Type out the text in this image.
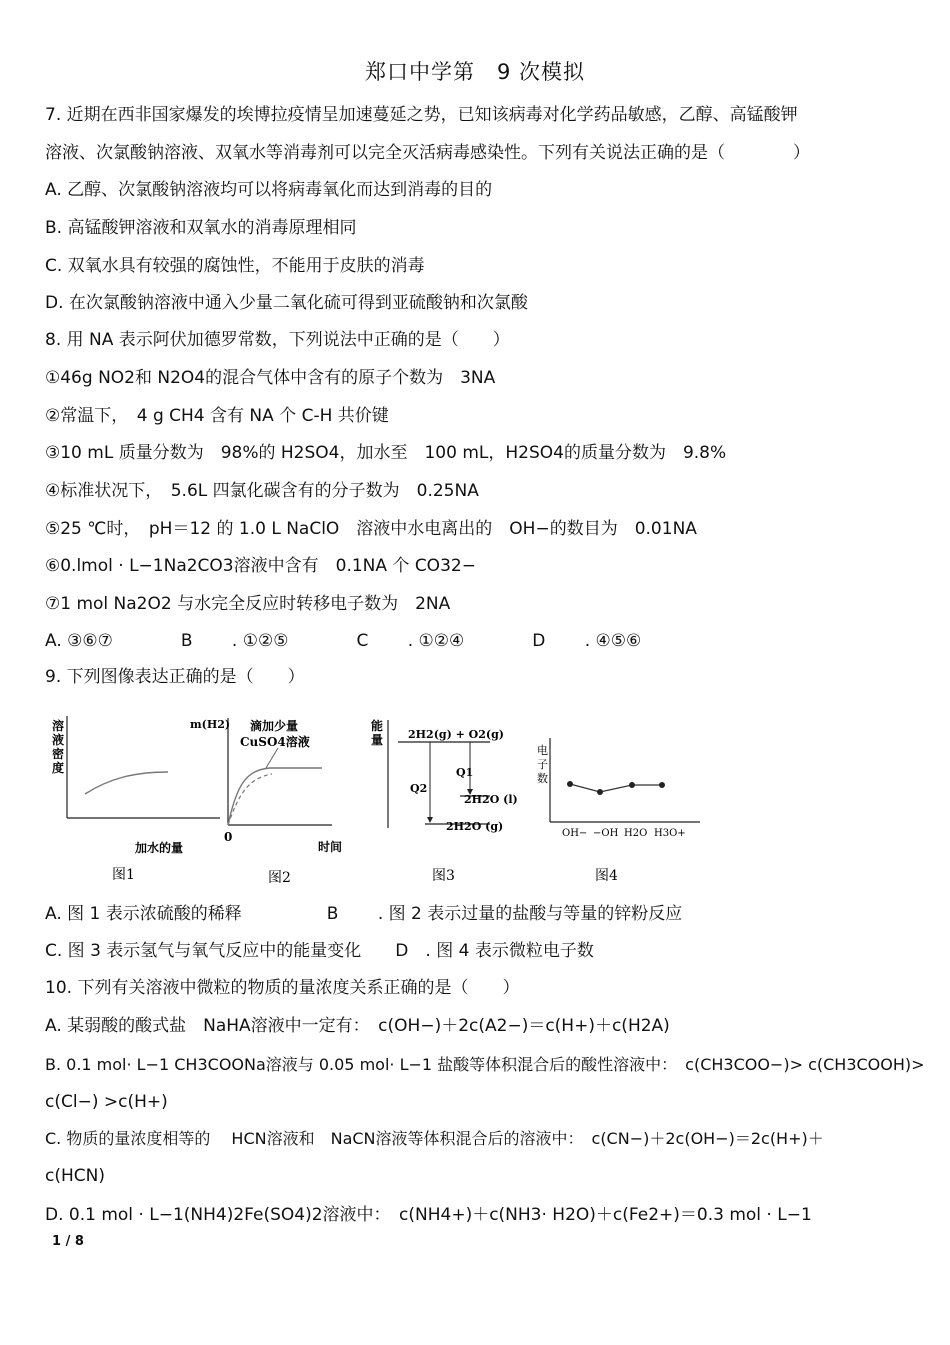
郑口中学第　9 次模拟
7. 近期在西非国家爆发的埃博拉疫情呈加速蔓延之势，已知该病毒对化学药品敏感，乙醇、高锰酸钾
溶液、次氯酸钠溶液、双氧水等消毒剂可以完全灭活病毒感染性。下列有关说法正确的是（　　　　）
A. 乙醇、次氯酸钠溶液均可以将病毒氧化而达到消毒的目的
B. 高锰酸钾溶液和双氧水的消毒原理相同
C. 双氧水具有较强的腐蚀性，不能用于皮肤的消毒
D. 在次氯酸钠溶液中通入少量二氧化硫可得到亚硫酸钠和次氯酸
8. 用 NA 表示阿伏加德罗常数，下列说法中正确的是（　　）
①46g NO2和 N2O4的混合气体中含有的原子个数为　3NA
②常温下，　4 g CH4 含有 NA 个 C-H 共价键
③10 mL 质量分数为　98%的 H2SO4，加水至　100 mL，H2SO4的质量分数为　9.8%
④标准状况下，　5.6L 四氯化碳含有的分子数为　0.25NA
⑤25 ℃时，　pH＝12 的 1.0 L NaClO　溶液中水电离出的　OH−的数目为　0.01NA
⑥0.lmol · L−1Na2CO3溶液中含有　0.1NA 个 CO32−
⑦1 mol Na2O2 与水完全反应时转移电子数为　2NA
A. ③⑥⑦　　　　B　　 . ①②⑤　　　　C　　 . ①②④　　　　D　　 . ④⑤⑥
9. 下列图像表达正确的是（　　）
溶
液
密
度
加水的量
图1
m(H2) 滴加少量
CuSO4溶液
0
时间
图2
能
量 2H2(g) + O2(g)
Q1
Q2
2H2O (l)
2H2O (g)
图3
电
子
数
OH− −OH H2O H3O+
图4
A. 图 1 表示浓硫酸的稀释　　　　　B　　 . 图 2 表示过量的盐酸与等量的锌粉反应
C. 图 3 表示氢气与氧气反应中的能量变化　　D　. 图 4 表示微粒电子数
10. 下列有关溶液中微粒的物质的量浓度关系正确的是（　　）
A. 某弱酸的酸式盐　NaHA溶液中一定有：　c(OH−)＋2c(A2−)＝c(H+)＋c(H2A)
B. 0.1 mol· L−1 CH3COONa溶液与 0.05 mol· L−1 盐酸等体积混合后的酸性溶液中：　c(CH3COO−)> c(CH3COOH)>
c(Cl−) >c(H+)
C. 物质的量浓度相等的　 HCN溶液和　NaCN溶液等体积混合后的溶液中：　c(CN−)＋2c(OH−)＝2c(H+)＋
c(HCN)
D. 0.1 mol · L−1(NH4)2Fe(SO4)2溶液中：　c(NH4+)＋c(NH3· H2O)＋c(Fe2+)＝0.3 mol · L−1
1 / 8
